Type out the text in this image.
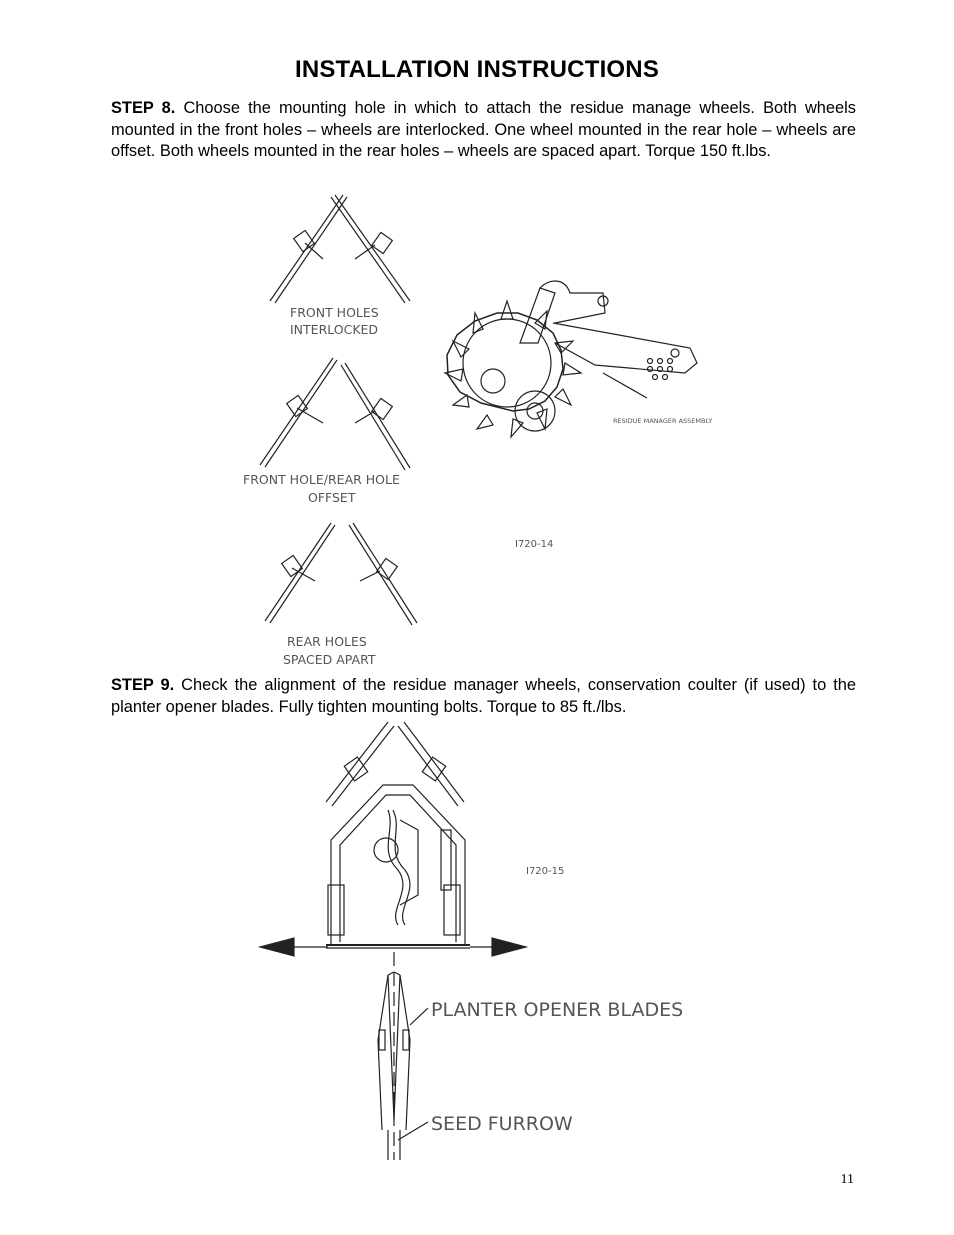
INSTALLATION INSTRUCTIONS
STEP 8. Choose the mounting hole in which to attach the residue manage wheels. Both wheels mounted in the front holes – wheels are interlocked. One wheel mounted in the rear hole – wheels are offset. Both wheels mounted in the rear holes – wheels are spaced apart. Torque 150 ft.lbs.
FRONT HOLES
INTERLOCKED
FRONT HOLE/REAR HOLE
OFFSET
REAR HOLES
SPACED APART
RESIDUE MANAGER ASSEMBLY
I720-14
STEP 9. Check the alignment of the residue manager wheels, conservation coulter (if used) to the planter opener blades. Fully tighten mounting bolts. Torque to 85 ft./lbs.
I720-15
PLANTER OPENER BLADES
SEED FURROW
11
